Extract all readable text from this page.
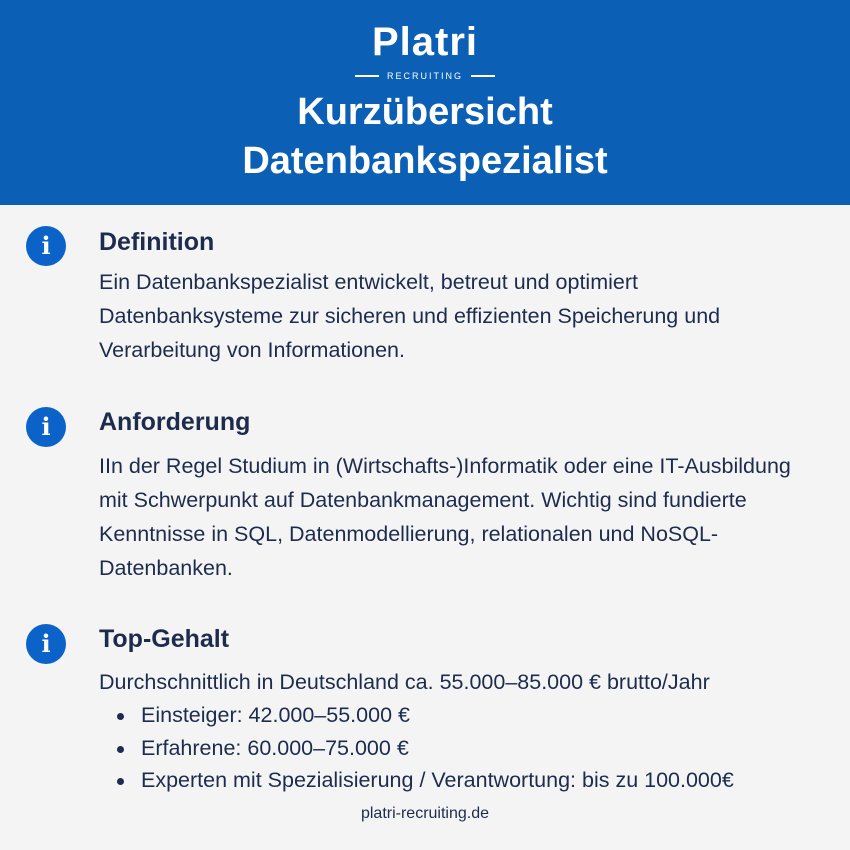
Platri
RECRUITING
Kurzübersicht
Datenbankspezialist
i	Definition
Ein Datenbankspezialist entwickelt, betreut und optimiert Datenbanksysteme zur sicheren und effizienten Speicherung und Verarbeitung von Informationen.
i	Anforderung
IIn der Regel Studium in (Wirtschafts-)Informatik oder eine IT-Ausbildung mit Schwerpunkt auf Datenbankmanagement. Wichtig sind fundierte Kenntnisse in SQL, Datenmodellierung, relationalen und NoSQL-Datenbanken.
i	Top-Gehalt
Durchschnittlich in Deutschland ca. 55.000–85.000 € brutto/Jahr
Einsteiger: 42.000–55.000 €
Erfahrene: 60.000–75.000 €
Experten mit Spezialisierung / Verantwortung: bis zu 100.000€
platri-recruiting.de
